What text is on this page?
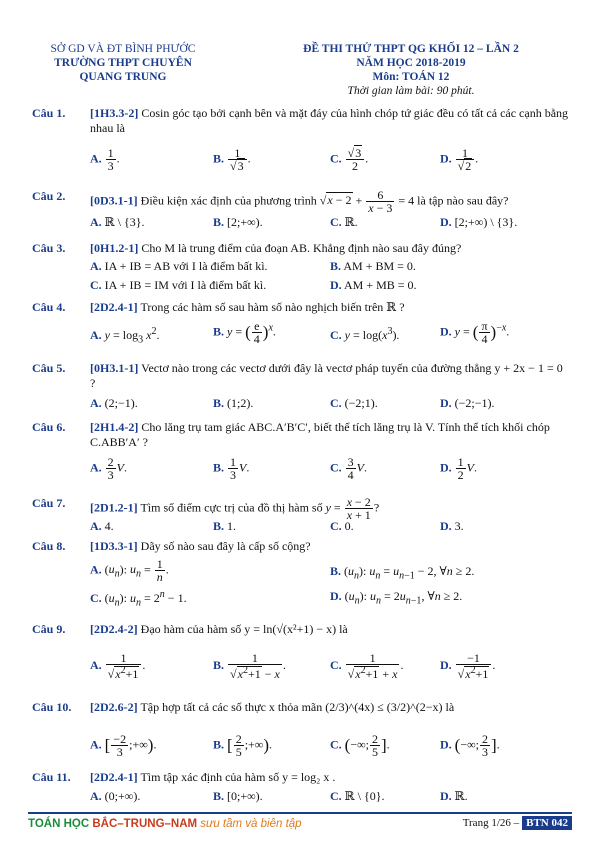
SỞ GD VÀ ĐT BÌNH PHƯỚC
TRƯỜNG THPT CHUYÊN
QUANG TRUNG
ĐỀ THI THỬ THPT QG KHỐI 12 – LẦN 2
NĂM HỌC 2018-2019
Môn: TOÁN 12
Thời gian làm bài: 90 phút.
Câu 1. [1H3.3-2] Cosin góc tạo bởi cạnh bên và mặt đáy của hình chóp tứ giác đều có tất cả các cạnh bằng nhau là
A. $\frac{1}{3}$ .	B. $\frac{1}{√3}$ .	C. $\frac{√3}{2}$ .	D. $\frac{1}{√2}$ .
Câu 2. [0D3.1-1] Điều kiện xác định của phương trình $√x - 2 + \frac{6}{x - 3} = 4$ là tập nào sau đây?
A. ℝ \ {3}.	B. [2;+∞).	C. ℝ.	D. [2;+∞) \ {3}.
Câu 3. [0H1.2-1] Cho M là trung điểm của đoạn AB. Khẳng định nào sau đây đúng?
A. IA + IB = AB với I là điểm bất kì.	B. AM + BM = 0.
C. IA + IB = IM với I là điểm bất kì.	D. AM + MB = 0.
Câu 4. [2D2.4-1] Trong các hàm số sau hàm số nào nghịch biến trên ℝ ?
A. $y = \log_3 x^2$.	B. y = ( $\frac{e}{4} )^x$.	C. $y = \log(x^3)$.	D. y = ( $\frac{\pi}{4} )^{-x}$.
Câu 5. [0H3.1-1] Vectơ nào trong các vectơ dưới đây là vectơ pháp tuyến của đường thẳng y + 2x − 1 = 0 ?
A. (2;−1).	B. (1;2).	C. (−2;1).	D. (−2;−1).
Câu 6. [2H1.4-2] Cho lăng trụ tam giác ABC.A′B′C′, biết thể tích lăng trụ là V. Tính thể tích khối chóp C.ABB′A′ ?
A. $\frac{2}{3} V$.	B. $\frac{1}{3} V$.	C. $\frac{3}{4} V$.	D. $\frac{1}{2} V$.
Câu 7. [2D1.2-1] Tìm số điểm cực trị của đồ thị hàm số $y = \frac{x - 2}{x + 1}$ ?
A. 4.	B. 1.	C. 0.	D. 3.
Câu 8. [1D3.3-1] Dãy số nào sau đây là cấp số cộng?
A. $(u_n)$: $u_n = \frac{1}{n}$ .	B. $(u_n)$: $u_n = u_{n-1} - 2$, ∀n ≥ 2.
C. $(u_n)$: $u_n = 2^n - 1$.	D. $(u_n)$: $u_n = 2u_{n-1}$, ∀n ≥ 2.
Câu 9. [2D2.4-2] Đạo hàm của hàm số y = ln(√(x²+1) − x) là
A. $\frac{1}{√x^2+1}$ .	B. $\frac{1}{√x^2+1 - x}$ .	C. $\frac{1}{√x^2+1 + x}$ .	D. $\frac{-1}{√x^2+1}$ .
Câu 10. [2D2.6-2] Tập hợp tất cả các số thực x thỏa mãn (2/3)^(4x) ≤ (3/2)^(2−x) là
A. [ $\frac{-2}{3}$ ;+∞).	B. [ $\frac{2}{5}$ ;+∞).	C. (−∞; $\frac{2}{5}$ ].	D. (−∞; $\frac{2}{3}$ ].
Câu 11. [2D2.4-1] Tìm tập xác định của hàm số y = log₂ x .
A. (0;+∞).	B. [0;+∞).	C. ℝ \ {0}.	D. ℝ.
TOÁN HỌC BẮC–TRUNG–NAM sưu tầm và biên tập	Trang 1/26 – BTN 042
